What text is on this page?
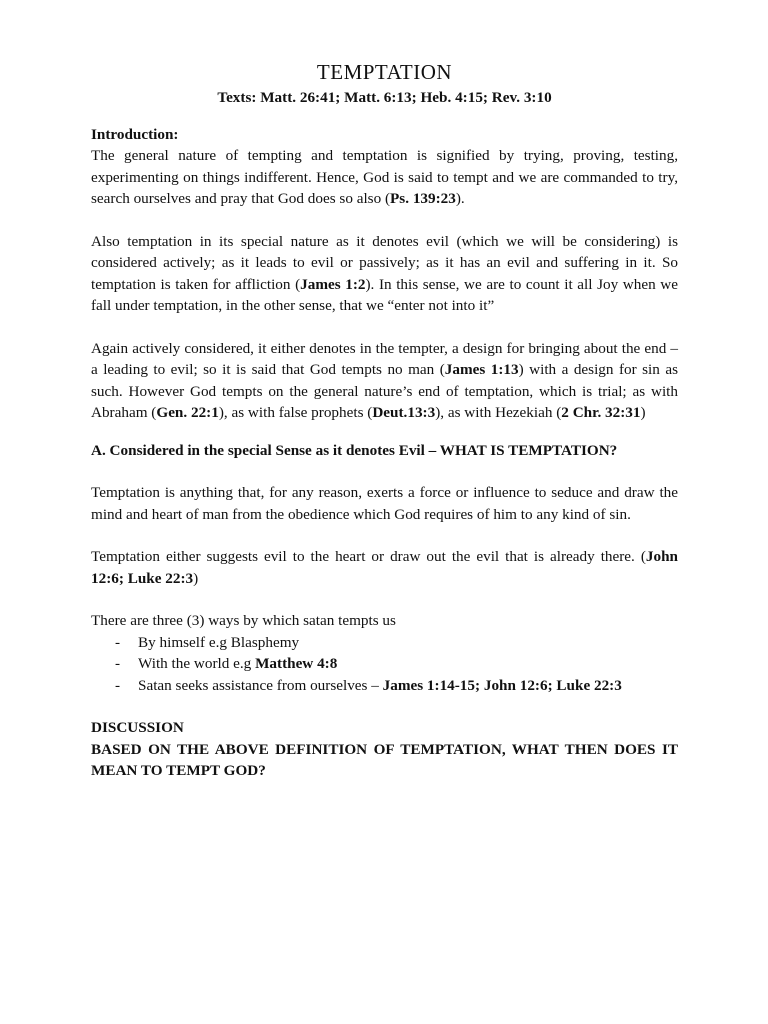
TEMPTATION
Texts: Matt. 26:41; Matt. 6:13; Heb. 4:15; Rev. 3:10
Introduction:

The general nature of tempting and temptation is signified by trying, proving, testing, experimenting on things indifferent. Hence, God is said to tempt and we are commanded to try, search ourselves and pray that God does so also (Ps. 139:23).

Also temptation in its special nature as it denotes evil (which we will be considering) is considered actively; as it leads to evil or passively; as it has an evil and suffering in it. So temptation is taken for affliction (James 1:2). In this sense, we are to count it all Joy when we fall under temptation, in the other sense, that we “enter not into it”

Again actively considered, it either denotes in the tempter, a design for bringing about the end – a leading to evil; so it is said that God tempts no man (James 1:13) with a design for sin as such. However God tempts on the general nature’s end of temptation, which is trial; as with Abraham (Gen. 22:1), as with false prophets (Deut.13:3), as with Hezekiah (2 Chr. 32:31)

A. Considered in the special Sense as it denotes Evil – WHAT IS TEMPTATION?

Temptation is anything that, for any reason, exerts a force or influence to seduce and draw the mind and heart of man from the obedience which God requires of him to any kind of sin.

Temptation either suggests evil to the heart or draw out the evil that is already there. (John 12:6; Luke 22:3)

There are three (3) ways by which satan tempts us

- By himself e.g Blasphemy
- With the world e.g Matthew 4:8
- Satan seeks assistance from ourselves – James 1:14-15; John 12:6; Luke 22:3
DISCUSSION
BASED ON THE ABOVE DEFINITION OF TEMPTATION, WHAT THEN DOES IT MEAN TO TEMPT GOD?
